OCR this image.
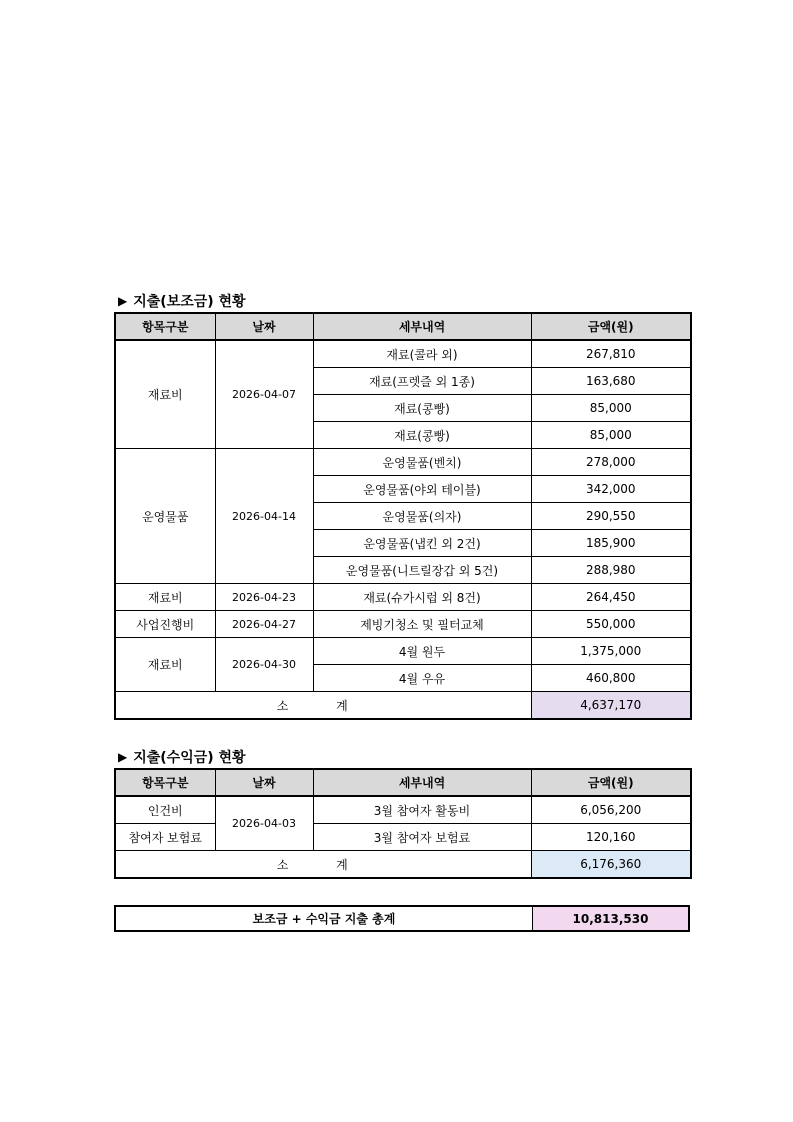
▶ 지출(보조금) 현황
항목구분	날짜	세부내역	금액(원)
재료비	2026-04-07	재료(콜라 외)	267,810
		재료(프렛즐 외 1종)	163,680
		재료(콩빵)	85,000
		재료(콩빵)	85,000
운영물품	2026-04-14	운영물품(벤치)	278,000
		운영물품(야외 테이블)	342,000
		운영물품(의자)	290,550
		운영물품(냅킨 외 2건)	185,900
		운영물품(니트릴장갑 외 5건)	288,980
재료비	2026-04-23	재료(슈가시럽 외 8건)	264,450
사업진행비	2026-04-27	제빙기청소 및 필터교체	550,000
재료비	2026-04-30	4월 원두	1,375,000
		4월 우유	460,800
소 계			4,637,170
▶ 지출(수익금) 현황
항목구분	날짜	세부내역	금액(원)
인건비	2026-04-03	3월 참여자 활동비	6,056,200
참여자 보험료		3월 참여자 보험료	120,160
소 계			6,176,360
보조금 + 수익금 지출 총계	10,813,530
